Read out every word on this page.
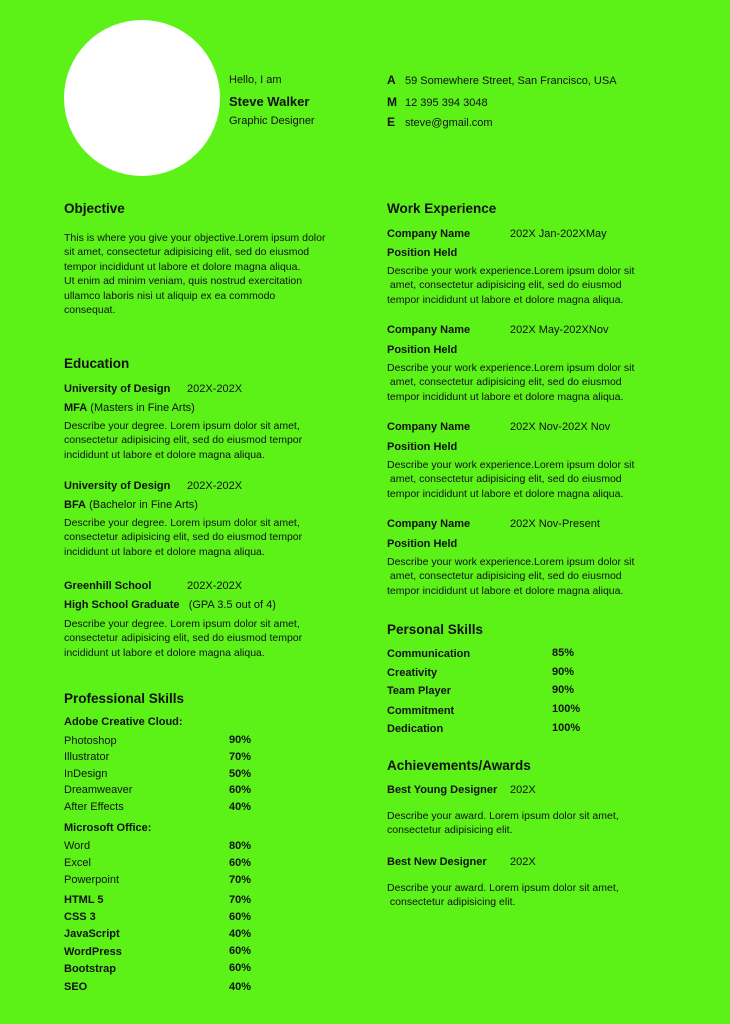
Hello, I am
Steve Walker
Graphic Designer
A 59 Somewhere Street, San Francisco, USA
M 12 395 394 3048
E steve@gmail.com
Objective
This is where you give your objective.Lorem ipsum dolor
sit amet, consectetur adipisicing elit, sed do eiusmod
tempor incididunt ut labore et dolore magna aliqua.
Ut enim ad minim veniam, quis nostrud exercitation
ullamco laboris nisi ut aliquip ex ea commodo
consequat.
Education
University of Design 202X-202X
MFA (Masters in Fine Arts)
Describe your degree. Lorem ipsum dolor sit amet,
consectetur adipisicing elit, sed do eiusmod tempor
incididunt ut labore et dolore magna aliqua.
University of Design 202X-202X
BFA (Bachelor in Fine Arts)
Describe your degree. Lorem ipsum dolor sit amet,
consectetur adipisicing elit, sed do eiusmod tempor
incididunt ut labore et dolore magna aliqua.
Greenhill School	202X-202X
High School Graduate (GPA 3.5 out of 4)
Describe your degree. Lorem ipsum dolor sit amet,
consectetur adipisicing elit, sed do eiusmod tempor
incididunt ut labore et dolore magna aliqua.
Professional Skills
Adobe Creative Cloud:
Photoshop	90%
Illustrator	70%
InDesign	50%
Dreamweaver	60%
After Effects	40%
Microsoft Office:
Word	80%
Excel	60%
Powerpoint	70%
HTML 5	70%
CSS 3	60%
JavaScript	40%
WordPress	60%
Bootstrap	60%
SEO	40%
Work Experience
Company Name	202X Jan-202XMay
Position Held
Describe your work experience.Lorem ipsum dolor sit
amet, consectetur adipisicing elit, sed do eiusmod
tempor incididunt ut labore et dolore magna aliqua.
Company Name	202X May-202XNov
Position Held
Describe your work experience.Lorem ipsum dolor sit
amet, consectetur adipisicing elit, sed do eiusmod
tempor incididunt ut labore et dolore magna aliqua.
Company Name	202X Nov-202X Nov
Position Held
Describe your work experience.Lorem ipsum dolor sit
amet, consectetur adipisicing elit, sed do eiusmod
tempor incididunt ut labore et dolore magna aliqua.
Company Name	202X Nov-Present
Position Held
Describe your work experience.Lorem ipsum dolor sit
amet, consectetur adipisicing elit, sed do eiusmod
tempor incididunt ut labore et dolore magna aliqua.
Personal Skills
Communication	85%
Creativity	90%
Team Player	90%
Commitment	100%
Dedication	100%
Achievements/Awards
Best Young Designer 202X
Describe your award. Lorem ipsum dolor sit amet,
consectetur adipisicing elit.
Best New Designer 202X
Describe your award. Lorem ipsum dolor sit amet,
consectetur adipisicing elit.
